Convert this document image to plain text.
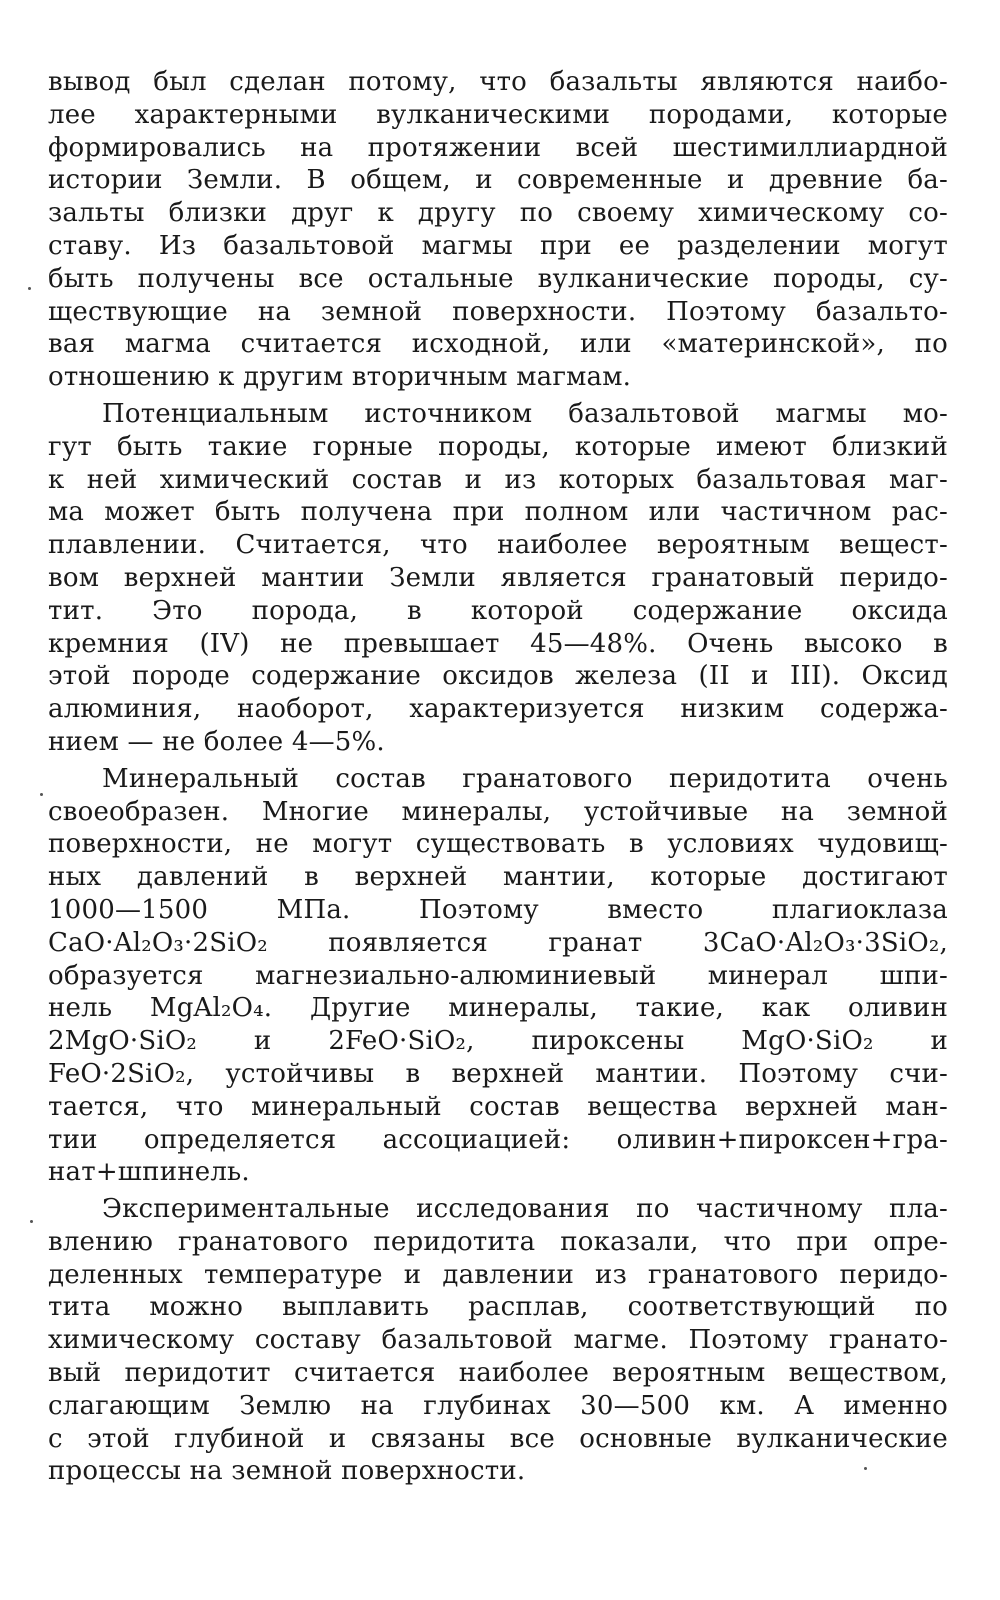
вывод был сделан потому, что базальты являются наибо-
лее характерными вулканическими породами, которые
формировались на протяжении всей шестимиллиардной
истории Земли. В общем, и современные и древние ба-
зальты близки друг к другу по своему химическому со-
ставу. Из базальтовой магмы при ее разделении могут
быть получены все остальные вулканические породы, су-
ществующие на земной поверхности. Поэтому базальто-
вая магма считается исходной, или «материнской», по
отношению к другим вторичным магмам.
Потенциальным источником базальтовой магмы мо-
гут быть такие горные породы, которые имеют близкий
к ней химический состав и из которых базальтовая маг-
ма может быть получена при полном или частичном рас-
плавлении. Считается, что наиболее вероятным вещест-
вом верхней мантии Земли является гранатовый перидо-
тит. Это порода, в которой содержание оксида
кремния (IV) не превышает 45—48%. Очень высоко в
этой породе содержание оксидов железа (II и III). Оксид
алюминия, наоборот, характеризуется низким содержа-
нием — не более 4—5%.
Минеральный состав гранатового перидотита очень
своеобразен. Многие минералы, устойчивые на земной
поверхности, не могут существовать в условиях чудовищ-
ных давлений в верхней мантии, которые достигают
1000—1500 МПа. Поэтому вместо плагиоклаза
CaO·Al₂O₃·2SiO₂ появляется гранат 3CaO·Al₂O₃·3SiO₂,
образуется магнезиально-алюминиевый минерал шпи-
нель MgAl₂O₄. Другие минералы, такие, как оливин
2MgO·SiO₂ и 2FeO·SiO₂, пироксены MgO·SiO₂ и
FeO·2SiO₂, устойчивы в верхней мантии. Поэтому счи-
тается, что минеральный состав вещества верхней ман-
тии определяется ассоциацией: оливин+пироксен+гра-
нат+шпинель.
Экспериментальные исследования по частичному пла-
влению гранатового перидотита показали, что при опре-
деленных температуре и давлении из гранатового перидо-
тита можно выплавить расплав, соответствующий по
химическому составу базальтовой магме. Поэтому гранато-
вый перидотит считается наиболее вероятным веществом,
слагающим Землю на глубинах 30—500 км. А именно
с этой глубиной и связаны все основные вулканические
процессы на земной поверхности.
